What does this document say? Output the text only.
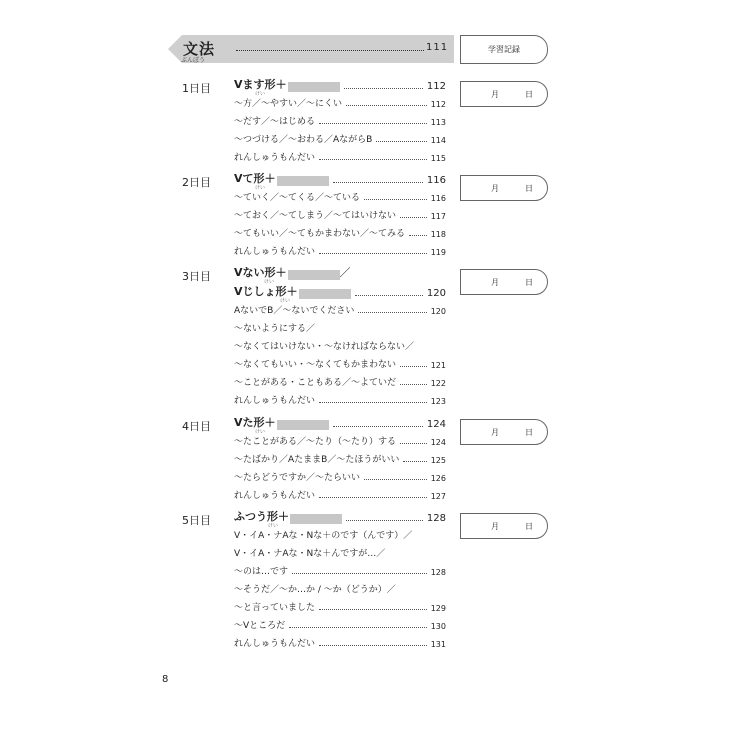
文法
ぶんぽう
111	学習記録
1日目 Vます形＋	112
けい
〜方／〜やすい／〜にくい	112
〜だす／〜はじめる	113
〜つづける／〜おわる／AながらB	114
れんしゅうもんだい	115
月	日
2日目 Vて形＋	116
けい
〜ていく／〜てくる／〜ている	116
〜ておく／〜てしまう／〜てはいけない	117
〜てもいい／〜てもかまわない／〜てみる	118
れんしゅうもんだい	119
月	日
3日目 Vない形＋	／
けい
Vじしょ形＋	120
けい
AないでB／〜ないでください	120
〜ないようにする／
〜なくてはいけない・〜なければならない／
〜なくてもいい・〜なくてもかまわない	121
〜ことがある・こともある／〜よていだ	122
れんしゅうもんだい	123
月	日
4日目 Vた形＋	124
けい
〜たことがある／〜たり（〜たり）する	124
〜たばかり／AたままB／〜たほうがいい	125
〜たらどうですか／〜たらいい	126
れんしゅうもんだい	127
月	日
5日目 ふつう形＋	128
けい
V・イA・ナAな・Nな＋のです（んです）／
V・イA・ナAな・Nな＋んですが…／
〜のは…です	128
〜そうだ／〜か…か / 〜か（どうか）／
〜と言っていました	129
〜Vところだ	130
れんしゅうもんだい	131
月	日
8
